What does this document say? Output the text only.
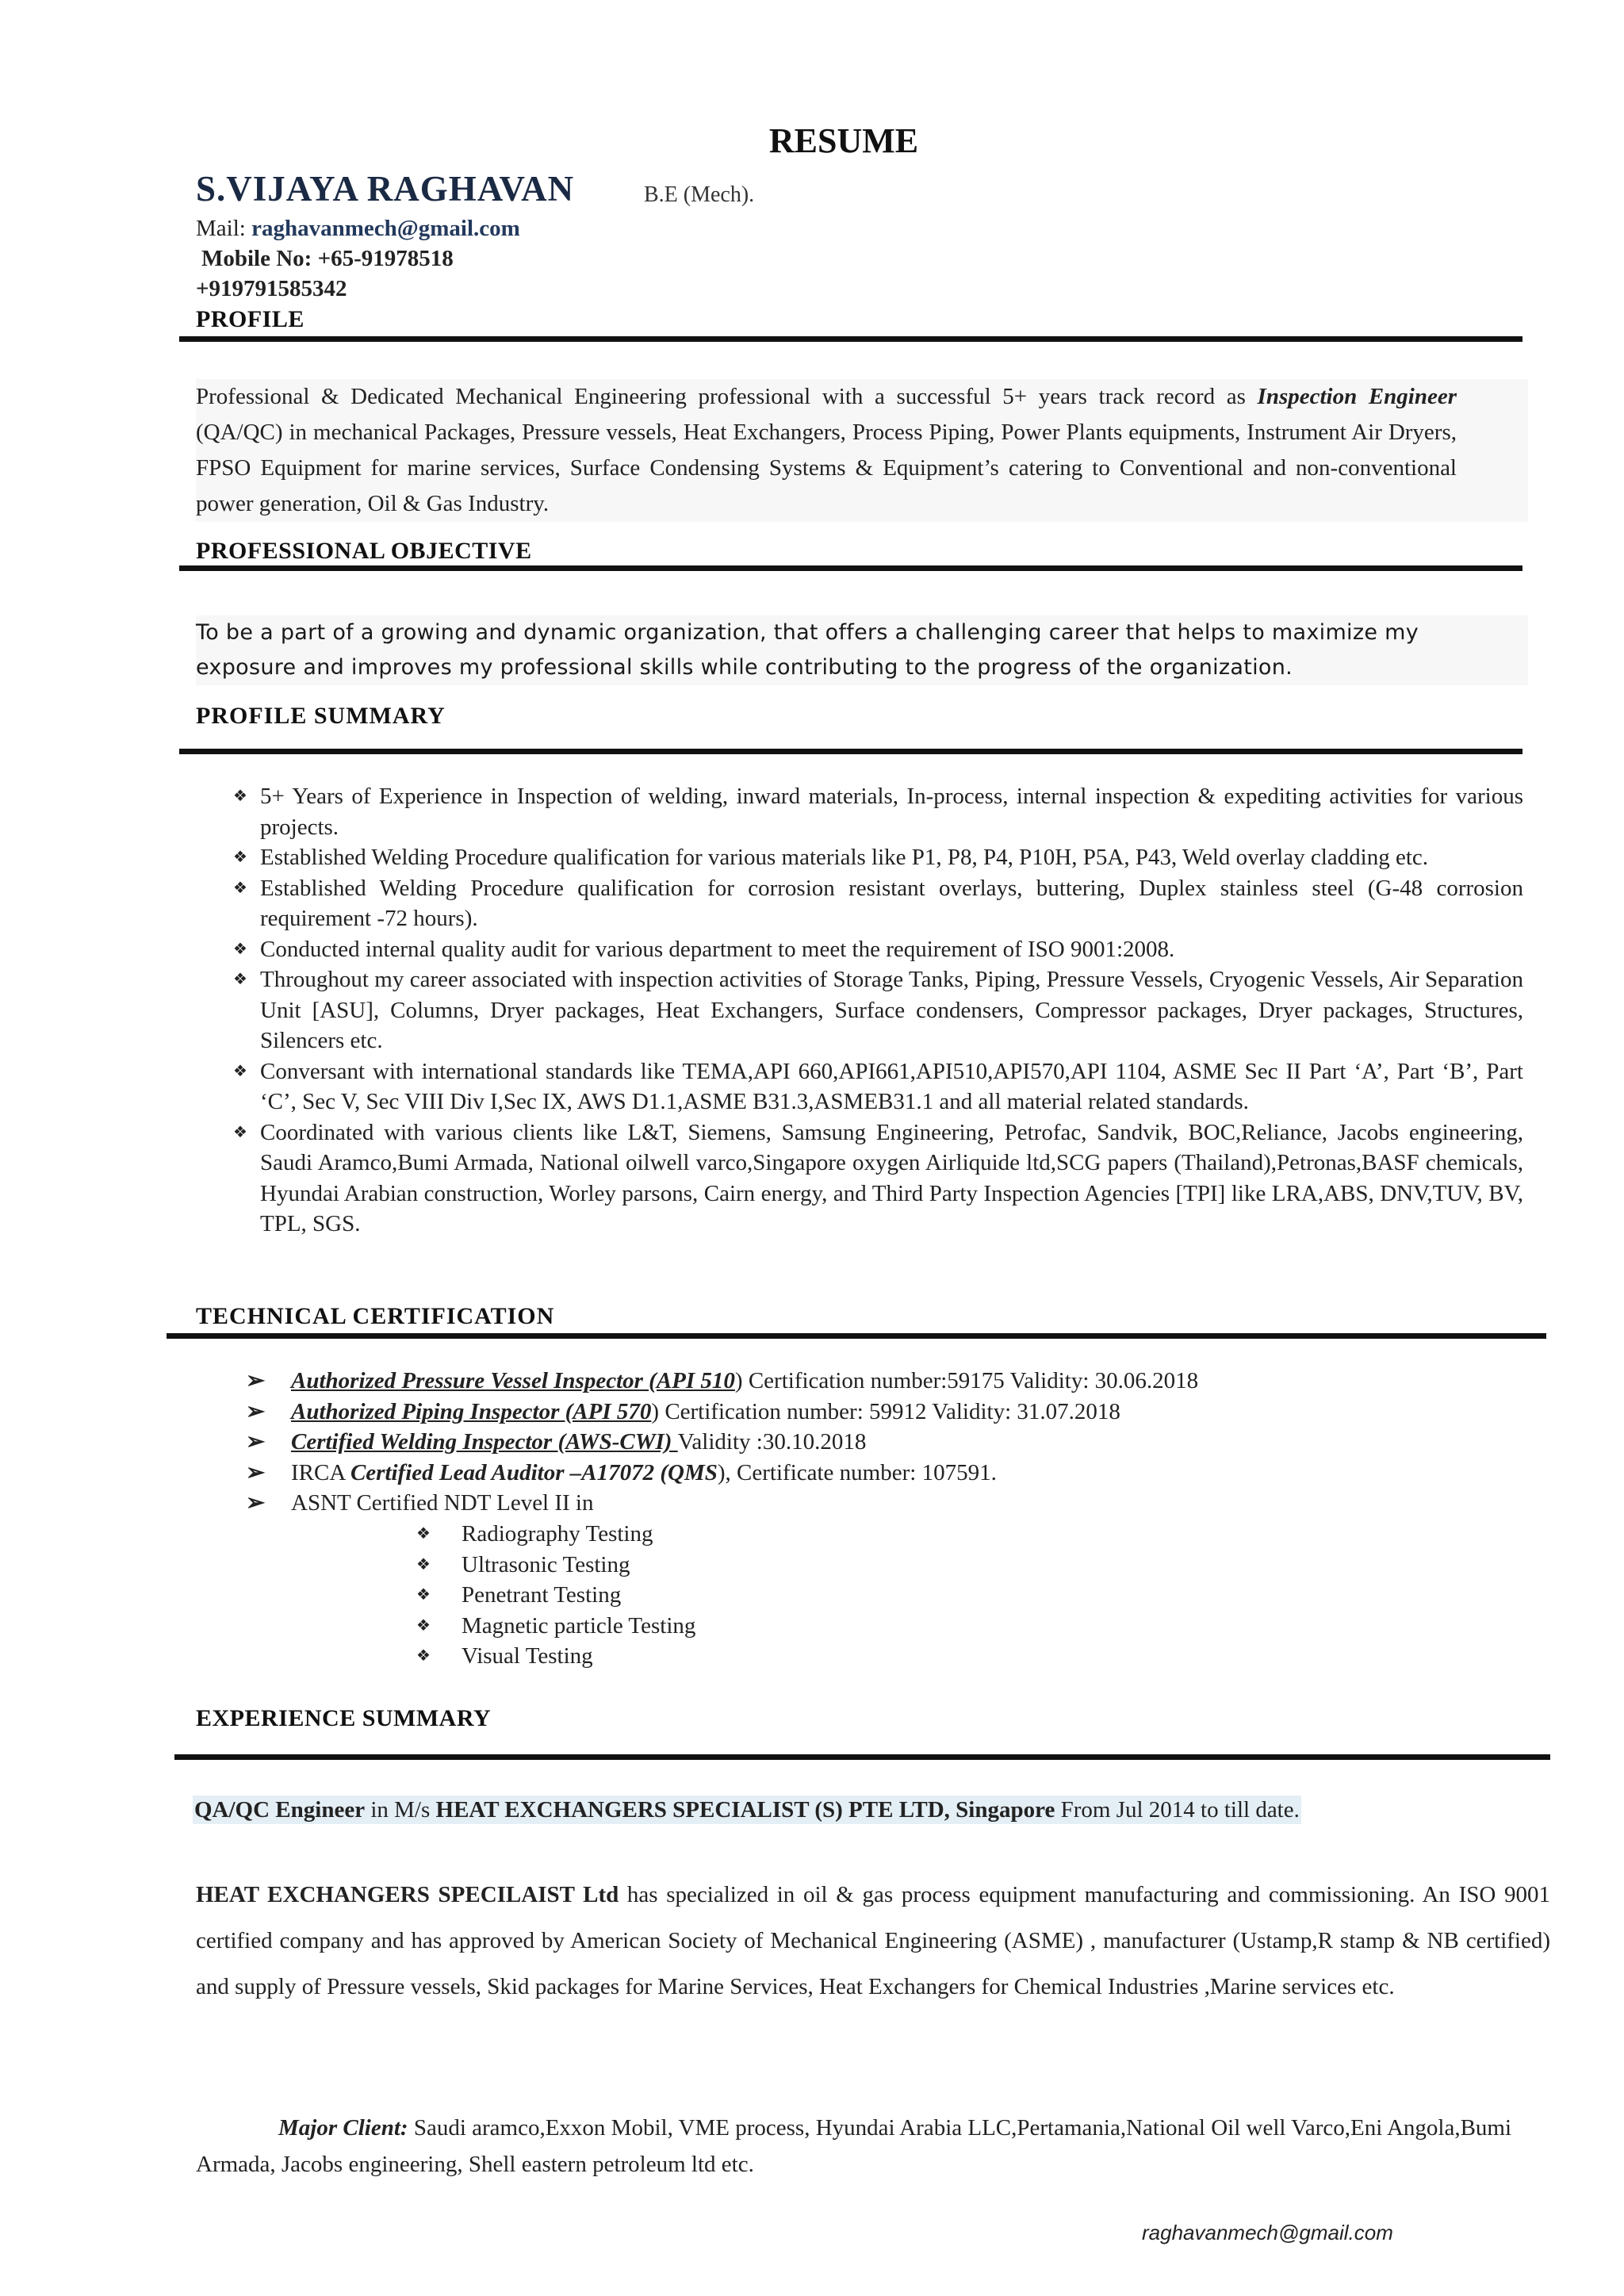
RESUME
S.VIJAYA RAGHAVAN	B.E (Mech).
Mail: raghavanmech@gmail.com
Mobile No: +65-91978518
+919791585342
PROFILE
Professional & Dedicated Mechanical Engineering professional with a successful 5+ years track record as Inspection Engineer (QA/QC) in mechanical Packages, Pressure vessels, Heat Exchangers, Process Piping, Power Plants equipments, Instrument Air Dryers, FPSO Equipment for marine services, Surface Condensing Systems & Equipment’s catering to Conventional and non-conventional power generation, Oil & Gas Industry.
PROFESSIONAL OBJECTIVE
To be a part of a growing and dynamic organization, that offers a challenging career that helps to maximize my exposure and improves my professional skills while contributing to the progress of the organization.
PROFILE SUMMARY
❖ 5+ Years of Experience in Inspection of welding, inward materials, In-process, internal inspection & expediting activities for various projects.
❖ Established Welding Procedure qualification for various materials like P1, P8, P4, P10H, P5A, P43, Weld overlay cladding etc.
❖ Established Welding Procedure qualification for corrosion resistant overlays, buttering, Duplex stainless steel (G-48 corrosion requirement -72 hours).
❖ Conducted internal quality audit for various department to meet the requirement of ISO 9001:2008.
❖ Throughout my career associated with inspection activities of Storage Tanks, Piping, Pressure Vessels, Cryogenic Vessels, Air Separation Unit [ASU], Columns, Dryer packages, Heat Exchangers, Surface condensers, Compressor packages, Dryer packages, Structures, Silencers etc.
❖ Conversant with international standards like TEMA,API 660,API661,API510,API570,API 1104, ASME Sec II Part ‘A’, Part ‘B’, Part ‘C’, Sec V, Sec VIII Div I,Sec IX, AWS D1.1,ASME B31.3,ASMEB31.1 and all material related standards.
❖ Coordinated with various clients like L&T, Siemens, Samsung Engineering, Petrofac, Sandvik, BOC,Reliance, Jacobs engineering, Saudi Aramco,Bumi Armada, National oilwell varco,Singapore oxygen Airliquide ltd,SCG papers (Thailand),Petronas,BASF chemicals, Hyundai Arabian construction, Worley parsons, Cairn energy, and Third Party Inspection Agencies [TPI] like LRA,ABS, DNV,TUV, BV, TPL, SGS.
TECHNICAL CERTIFICATION
➢ Authorized Pressure Vessel Inspector (API 510) Certification number:59175 Validity: 30.06.2018
➢ Authorized Piping Inspector (API 570) Certification number: 59912 Validity: 31.07.2018
➢ Certified Welding Inspector (AWS-CWI) Validity :30.10.2018
➢ IRCA Certified Lead Auditor –A17072 (QMS), Certificate number: 107591.
➢ ASNT Certified NDT Level II in
❖ Radiography Testing
❖ Ultrasonic Testing
❖ Penetrant Testing
❖ Magnetic particle Testing
❖ Visual Testing
EXPERIENCE SUMMARY
QA/QC Engineer in M/s HEAT EXCHANGERS SPECIALIST (S) PTE LTD, Singapore From Jul 2014 to till date.
HEAT EXCHANGERS SPECILAIST Ltd has specialized in oil & gas process equipment manufacturing and commissioning. An ISO 9001 certified company and has approved by American Society of Mechanical Engineering (ASME) , manufacturer (Ustamp,R stamp & NB certified) and supply of Pressure vessels, Skid packages for Marine Services, Heat Exchangers for Chemical Industries ,Marine services etc.
Major Client: Saudi aramco,Exxon Mobil, VME process, Hyundai Arabia LLC,Pertamania,National Oil well Varco,Eni Angola,Bumi Armada, Jacobs engineering, Shell eastern petroleum ltd etc.
raghavanmech@gmail.com
